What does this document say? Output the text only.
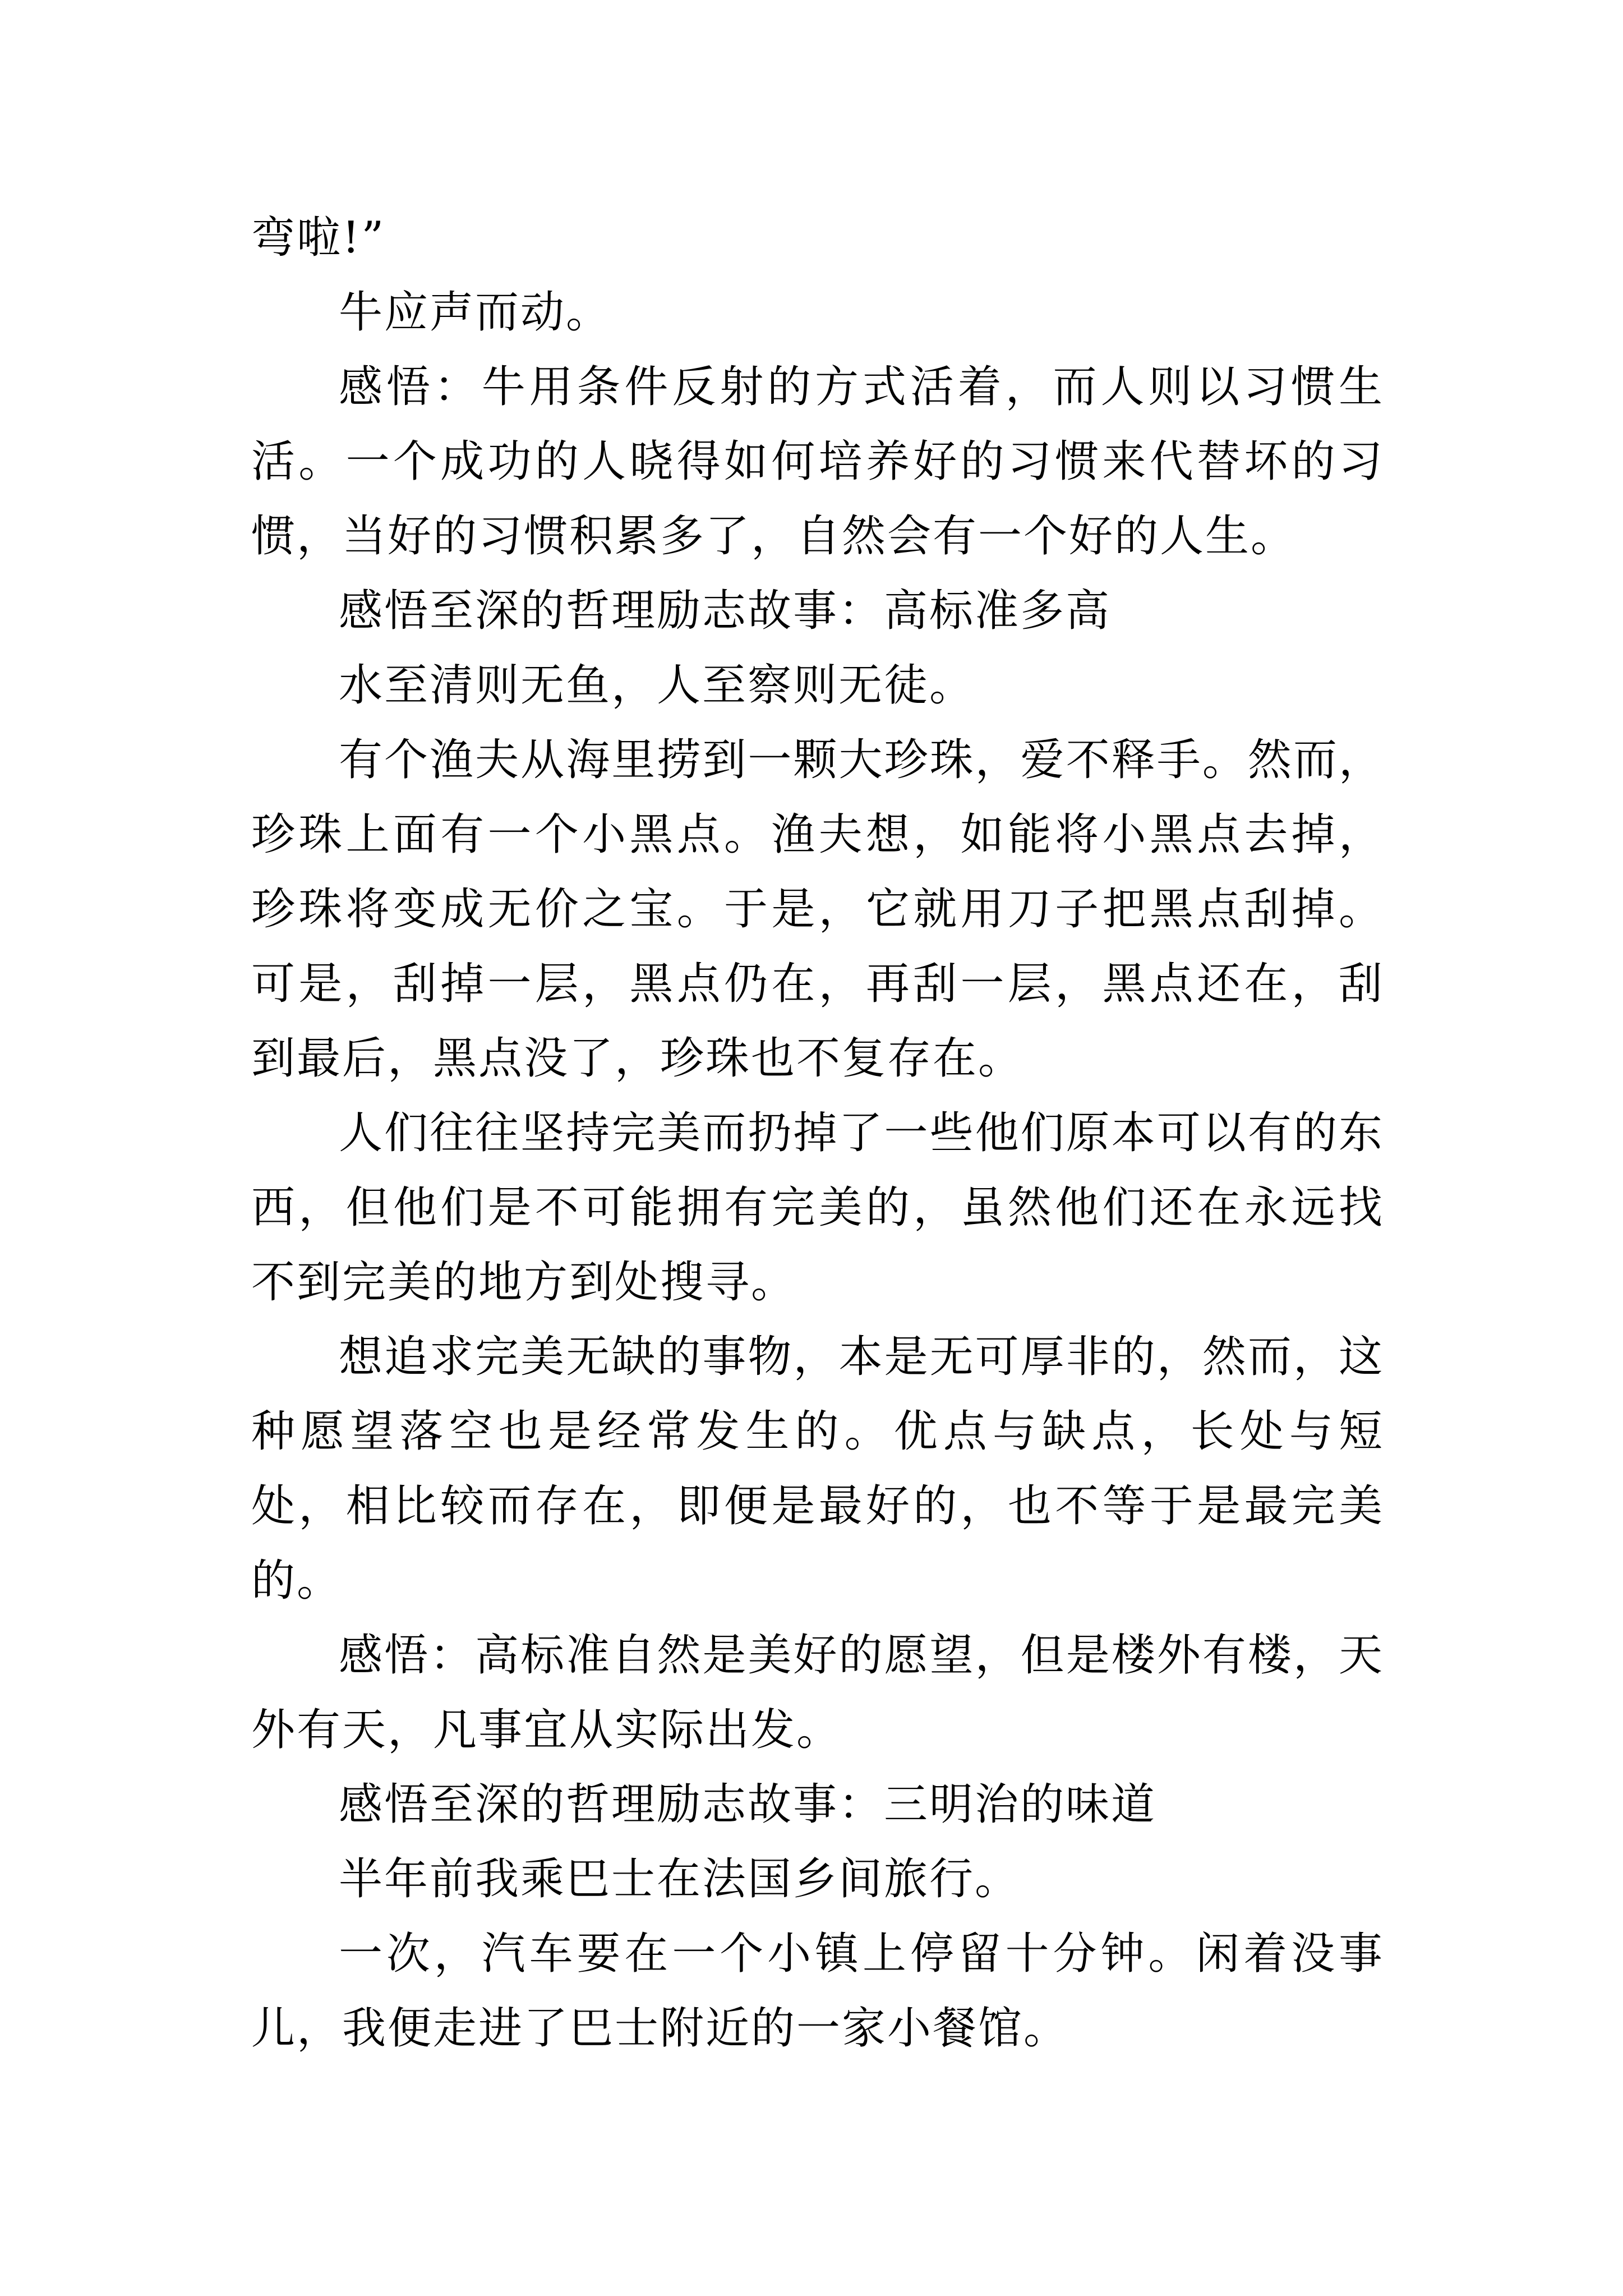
弯啦!”

牛应声而动。

感悟：牛用条件反射的方式活着，而人则以习惯生活。一个成功的人晓得如何培养好的习惯来代替坏的习惯，当好的习惯积累多了，自然会有一个好的人生。

感悟至深的哲理励志故事：高标准多高

水至清则无鱼，人至察则无徒。

有个渔夫从海里捞到一颗大珍珠，爱不释手。然而，珍珠上面有一个小黑点。渔夫想，如能将小黑点去掉，珍珠将变成无价之宝。于是，它就用刀子把黑点刮掉。可是，刮掉一层，黑点仍在，再刮一层，黑点还在，刮到最后，黑点没了，珍珠也不复存在。

人们往往坚持完美而扔掉了一些他们原本可以有的东西，但他们是不可能拥有完美的，虽然他们还在永远找不到完美的地方到处搜寻。

想追求完美无缺的事物，本是无可厚非的，然而，这种愿望落空也是经常发生的。优点与缺点，长处与短处，相比较而存在，即便是最好的，也不等于是最完美的。

感悟：高标准自然是美好的愿望，但是楼外有楼，天外有天，凡事宜从实际出发。

感悟至深的哲理励志故事：三明治的味道

半年前我乘巴士在法国乡间旅行。

一次，汽车要在一个小镇上停留十分钟。闲着没事儿，我便走进了巴士附近的一家小餐馆。
